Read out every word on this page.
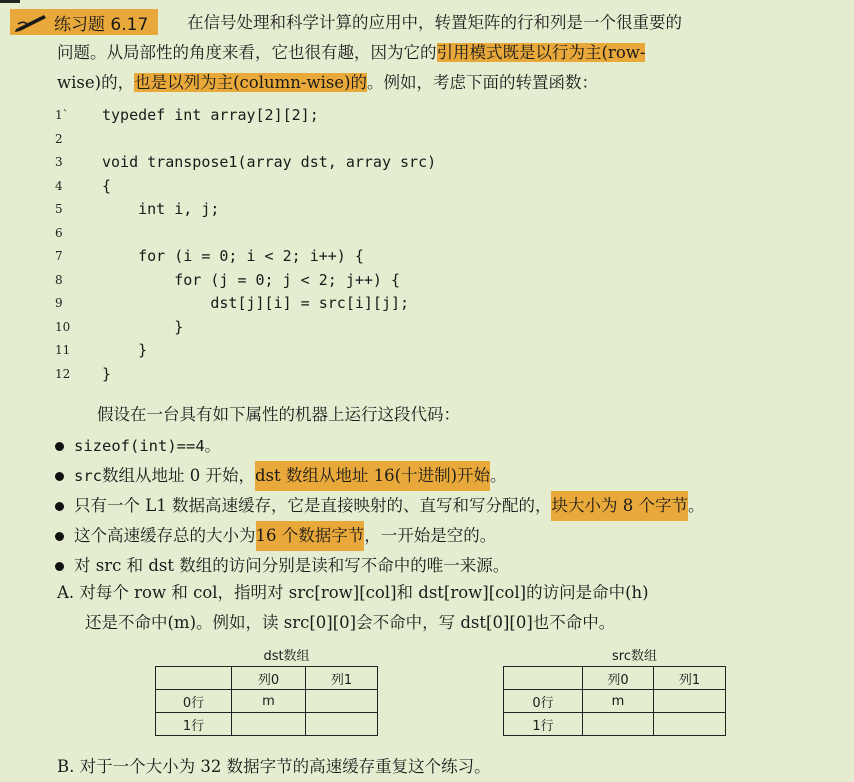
练习题 6.17 在信号处理和科学计算的应用中，转置矩阵的行和列是一个很重要的
问题。从局部性的角度来看，它也很有趣，因为它的引用模式既是以行为主(row-
wise)的，也是以列为主(column-wise)的。例如，考虑下面的转置函数：
1`	typedef int array[2][2];
2
3	void transpose1(array dst, array src)
4	{
5	int i, j;
6
7	for (i = 0; i < 2; i++) {
8	for (j = 0; j < 2; j++) {
9	dst[j][i] = src[i][j];
10	}
11	}
12	}
假设在一台具有如下属性的机器上运行这段代码：
sizeof(int)==4。
src 数组从地址 0 开始， dst 数组从地址 16(十进制)开始 。
只有一个 L1 数据高速缓存，它是直接映射的、直写和写分配的， 块大小为 8 个字节 。
这个高速缓存总的大小为 16 个数据字节 ，一开始是空的。
对 src 和 dst 数组的访问分别是读和写不命中的唯一来源。
A. 对每个 row 和 col，指明对 src[row][col]和 dst[row][col]的访问是命中(h)
还是不命中(m)。例如，读 src[0][0]会不命中，写 dst[0][0]也不命中。
dst数组
	列0	列1
0行	m	
1行		
src数组
	列0	列1
0行	m	
1行		
B. 对于一个大小为 32 数据字节的高速缓存重复这个练习。
